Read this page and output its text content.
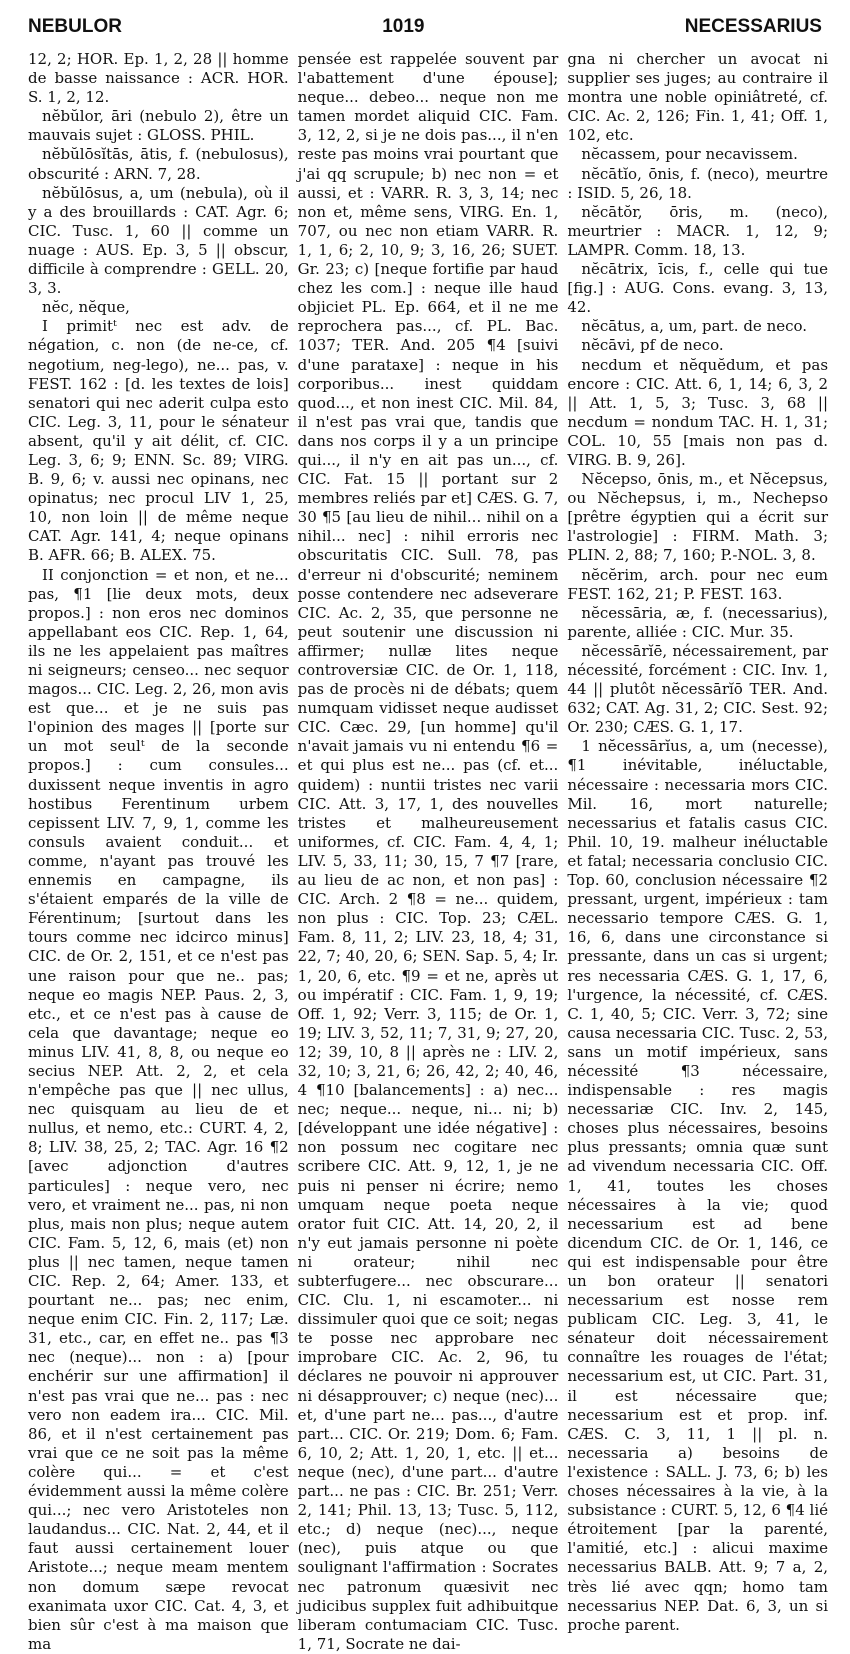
NEBULOR	1019	NECESSARIUS

12, 2; HOR. Ep. 1, 2, 28 || homme de basse naissance : ACR. HOR. S. 1, 2, 12.

nĕbŭlor, āri (nebulo 2), être un mauvais sujet : GLOSS. PHIL.

nĕbŭlōsĭtās, ātis, f. (nebulosus), obscurité : ARN. 7, 28.

nĕbŭlōsus, a, um (nebula), où il y a des brouillards : CAT. Agr. 6; CIC. Tusc. 1, 60 || comme un nuage : AUS. Ep. 3, 5 || obscur, difficile à comprendre : GELL. 20, 3, 3.

nĕc, nĕque,

I primitᵗ nec est adv. de négation, c. non (de ne-ce, cf. negotium, neg-lego), ne... pas, v. FEST. 162 : [d. les textes de lois] senatori qui nec aderit culpa esto CIC. Leg. 3, 11, pour le sénateur absent, qu'il y ait délit, cf. CIC. Leg. 3, 6; 9; ENN. Sc. 89; VIRG. B. 9, 6; v. aussi nec opinans, nec opinatus; nec procul LIV 1, 25, 10, non loin || de même neque CAT. Agr. 141, 4; neque opinans B. AFR. 66; B. ALEX. 75.

II conjonction = et non, et ne... pas, ¶1 [lie deux mots, deux propos.] : non eros nec dominos appellabant eos CIC. Rep. 1, 64, ils ne les appelaient pas maîtres ni seigneurs; censeo... nec sequor magos... CIC. Leg. 2, 26, mon avis est que... et je ne suis pas l'opinion des mages || [porte sur un mot seulᵗ de la seconde propos.] : cum consules... duxissent neque inventis in agro hostibus Ferentinum urbem cepissent LIV. 7, 9, 1, comme les consuls avaient conduit... et comme, n'ayant pas trouvé les ennemis en campagne, ils s'étaient emparés de la ville de Férentinum; [surtout dans les tours comme nec idcirco minus] CIC. de Or. 2, 151, et ce n'est pas une raison pour que ne.. pas; neque eo magis NEP. Paus. 2, 3, etc., et ce n'est pas à cause de cela que davantage; neque eo minus LIV. 41, 8, 8, ou neque eo secius NEP. Att. 2, 2, et cela n'empêche pas que || nec ullus, nec quisquam au lieu de et nullus, et nemo, etc.: CURT. 4, 2, 8; LIV. 38, 25, 2; TAC. Agr. 16 ¶2 [avec adjonction d'autres particules] : neque vero, nec vero, et vraiment ne... pas, ni non plus, mais non plus; neque autem CIC. Fam. 5, 12, 6, mais (et) non plus || nec tamen, neque tamen CIC. Rep. 2, 64; Amer. 133, et pourtant ne... pas; nec enim, neque enim CIC. Fin. 2, 117; Læ. 31, etc., car, en effet ne.. pas ¶3 nec (neque)... non : a) [pour enchérir sur une affirmation] il n'est pas vrai que ne... pas : nec vero non eadem ira... CIC. Mil. 86, et il n'est certainement pas vrai que ce ne soit pas la même colère qui... = et c'est évidemment aussi la même colère qui...; nec vero Aristoteles non laudandus... CIC. Nat. 2, 44, et il faut aussi certainement louer Aristote...; neque meam mentem non domum sæpe revocat exanimata uxor CIC. Cat. 4, 3, et bien sûr c'est à ma maison que ma

pensée est rappelée souvent par l'abattement d'une épouse]; neque... debeo... neque non me tamen mordet aliquid CIC. Fam. 3, 12, 2, si je ne dois pas..., il n'en reste pas moins vrai pourtant que j'ai qq scrupule; b) nec non = et aussi, et : VARR. R. 3, 3, 14; nec non et, même sens, VIRG. En. 1, 707, ou nec non etiam VARR. R. 1, 1, 6; 2, 10, 9; 3, 16, 26; SUET. Gr. 23; c) [neque fortifie par haud chez les com.] : neque ille haud objiciet PL. Ep. 664, et il ne me reprochera pas..., cf. PL. Bac. 1037; TER. And. 205 ¶4 [suivi d'une parataxe] : neque in his corporibus... inest quiddam quod..., et non inest CIC. Mil. 84, il n'est pas vrai que, tandis que dans nos corps il y a un principe qui..., il n'y en ait pas un..., cf. CIC. Fat. 15 || portant sur 2 membres reliés par et] CÆS. G. 7, 30 ¶5 [au lieu de nihil... nihil on a nihil... nec] : nihil erroris nec obscuritatis CIC. Sull. 78, pas d'erreur ni d'obscurité; neminem posse contendere nec adseverare CIC. Ac. 2, 35, que personne ne peut soutenir une discussion ni affirmer; nullæ lites neque controversiæ CIC. de Or. 1, 118, pas de procès ni de débats; quem numquam vidisset neque audisset CIC. Cæc. 29, [un homme] qu'il n'avait jamais vu ni entendu ¶6 = et qui plus est ne... pas (cf. et... quidem) : nuntii tristes nec varii CIC. Att. 3, 17, 1, des nouvelles tristes et malheureusement uniformes, cf. CIC. Fam. 4, 4, 1; LIV. 5, 33, 11; 30, 15, 7 ¶7 [rare, au lieu de ac non, et non pas] : CIC. Arch. 2 ¶8 = ne... quidem, non plus : CIC. Top. 23; CÆL. Fam. 8, 11, 2; LIV. 23, 18, 4; 31, 22, 7; 40, 20, 6; SEN. Sap. 5, 4; Ir. 1, 20, 6, etc. ¶9 = et ne, après ut ou impératif : CIC. Fam. 1, 9, 19; Off. 1, 92; Verr. 3, 115; de Or. 1, 19; LIV. 3, 52, 11; 7, 31, 9; 27, 20, 12; 39, 10, 8 || après ne : LIV. 2, 32, 10; 3, 21, 6; 26, 42, 2; 40, 46, 4 ¶10 [balancements] : a) nec... nec; neque... neque, ni... ni; b) [développant une idée négative] : non possum nec cogitare nec scribere CIC. Att. 9, 12, 1, je ne puis ni penser ni écrire; nemo umquam neque poeta neque orator fuit CIC. Att. 14, 20, 2, il n'y eut jamais personne ni poète ni orateur; nihil nec subterfugere... nec obscurare... CIC. Clu. 1, ni escamoter... ni dissimuler quoi que ce soit; negas te posse nec approbare nec improbare CIC. Ac. 2, 96, tu déclares ne pouvoir ni approuver ni désapprouver; c) neque (nec)... et, d'une part ne... pas..., d'autre part... CIC. Or. 219; Dom. 6; Fam. 6, 10, 2; Att. 1, 20, 1, etc. || et... neque (nec), d'une part... d'autre part... ne pas : CIC. Br. 251; Verr. 2, 141; Phil. 13, 13; Tusc. 5, 112, etc.; d) neque (nec)..., neque (nec), puis atque ou que soulignant l'affirmation : Socrates nec patronum quæsivit nec judicibus supplex fuit adhibuitque liberam contumaciam CIC. Tusc. 1, 71, Socrate ne dai-

gna ni chercher un avocat ni supplier ses juges; au contraire il montra une noble opiniâtreté, cf. CIC. Ac. 2, 126; Fin. 1, 41; Off. 1, 102, etc.

nĕcassem, pour necavissem.

nĕcātĭo, ōnis, f. (neco), meurtre : ISID. 5, 26, 18.

nĕcātŏr, ōris, m. (neco), meurtrier : MACR. 1, 12, 9; LAMPR. Comm. 18, 13.

nĕcātrix, īcis, f., celle qui tue [fig.] : AUG. Cons. evang. 3, 13, 42.

nĕcātus, a, um, part. de neco.

nĕcāvi, pf de neco.

necdum et nĕquĕdum, et pas encore : CIC. Att. 6, 1, 14; 6, 3, 2 || Att. 1, 5, 3; Tusc. 3, 68 || necdum = nondum TAC. H. 1, 31; COL. 10, 55 [mais non pas d. VIRG. B. 9, 26].

Nĕcepso, ōnis, m., et Nĕcepsus, ou Nĕchepsus, i, m., Nechepso [prêtre égyptien qui a écrit sur l'astrologie] : FIRM. Math. 3; PLIN. 2, 88; 7, 160; P.-NOL. 3, 8.

nĕcĕrim, arch. pour nec eum FEST. 162, 21; P. FEST. 163.

nĕcessāria, æ, f. (necessarius), parente, alliée : CIC. Mur. 35.

nĕcessārĭē, nécessairement, par nécessité, forcément : CIC. Inv. 1, 44 || plutôt nĕcessārĭō TER. And. 632; CAT. Ag. 31, 2; CIC. Sest. 92; Or. 230; CÆS. G. 1, 17.

1 nĕcessārĭus, a, um (necesse), ¶1 inévitable, inéluctable, nécessaire : necessaria mors CIC. Mil. 16, mort naturelle; necessarius et fatalis casus CIC. Phil. 10, 19. malheur inéluctable et fatal; necessaria conclusio CIC. Top. 60, conclusion nécessaire ¶2 pressant, urgent, impérieux : tam necessario tempore CÆS. G. 1, 16, 6, dans une circonstance si pressante, dans un cas si urgent; res necessaria CÆS. G. 1, 17, 6, l'urgence, la nécessité, cf. CÆS. C. 1, 40, 5; CIC. Verr. 3, 72; sine causa necessaria CIC. Tusc. 2, 53, sans un motif impérieux, sans nécessité ¶3 nécessaire, indispensable : res magis necessariæ CIC. Inv. 2, 145, choses plus nécessaires, besoins plus pressants; omnia quæ sunt ad vivendum necessaria CIC. Off. 1, 41, toutes les choses nécessaires à la vie; quod necessarium est ad bene dicendum CIC. de Or. 1, 146, ce qui est indispensable pour être un bon orateur || senatori necessarium est nosse rem publicam CIC. Leg. 3, 41, le sénateur doit nécessairement connaître les rouages de l'état; necessarium est, ut CIC. Part. 31, il est nécessaire que; necessarium est et prop. inf. CÆS. C. 3, 11, 1 || pl. n. necessaria a) besoins de l'existence : SALL. J. 73, 6; b) les choses nécessaires à la vie, à la subsistance : CURT. 5, 12, 6 ¶4 lié étroitement [par la parenté, l'amitié, etc.] : alicui maxime necessarius BALB. Att. 9; 7 a, 2, très lié avec qqn; homo tam necessarius NEP. Dat. 6, 3, un si proche parent.
